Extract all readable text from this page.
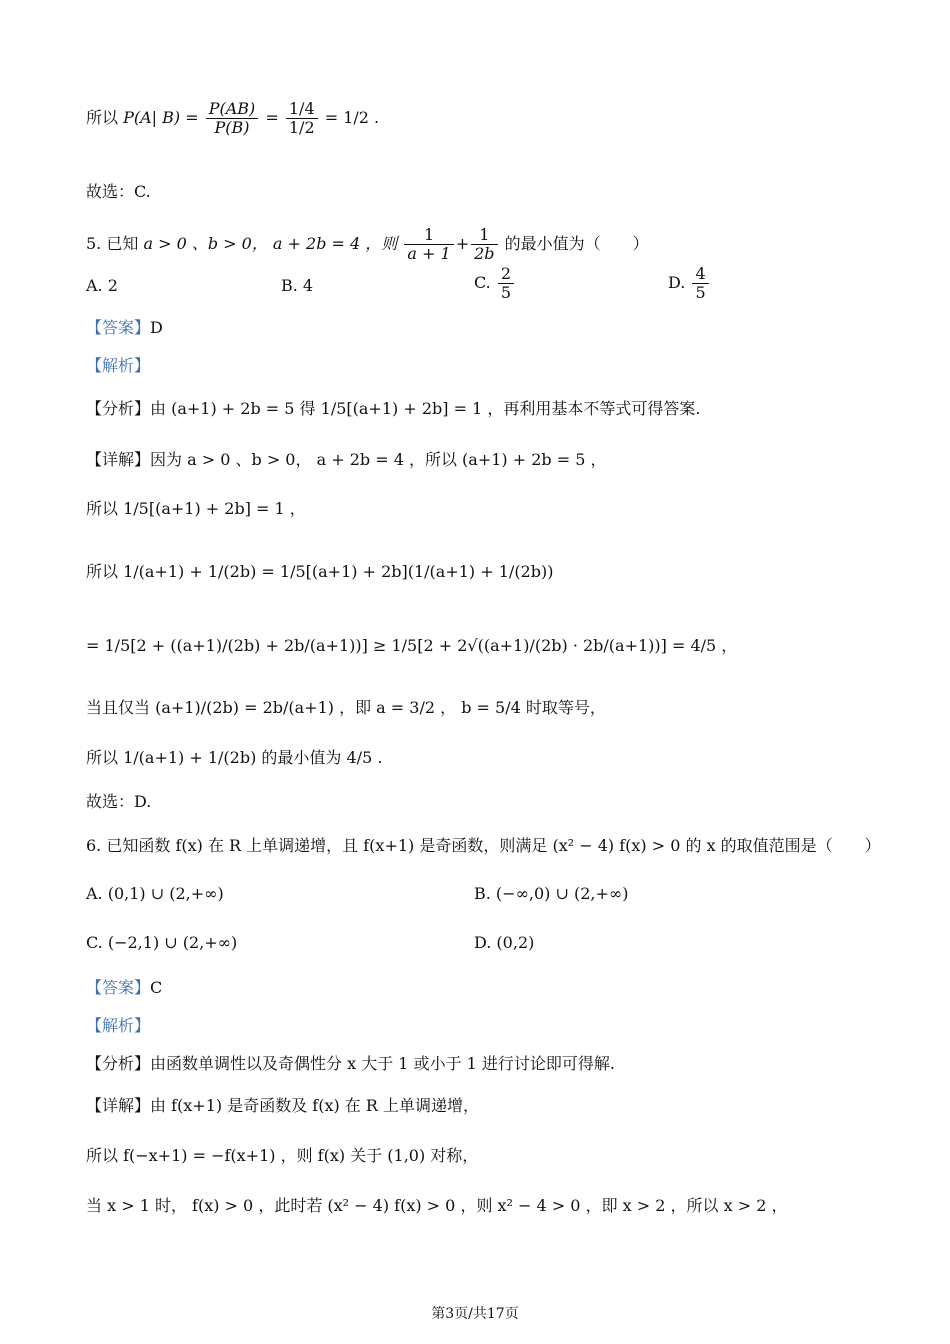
所以 P(A| $B) = \frac{P(AB)}{P(B)} = \frac{1/4}{1/2} = 1/2$ .
故选：C.
5. 已知 a > 0 、b > 0， a + 2b = 4 ，则 $\frac{1}{a + 1} + \frac{1}{2b}$ 的最小值为（　　）
A. 2	B. 4	C. $\frac{2}{5}$	D. $\frac{4}{5}$
【答案】D
【解析】
【分析】由 (a+1) + 2b = 5 得 1/5[(a+1) + 2b] = 1 ，再利用基本不等式可得答案.
【详解】因为 a > 0 、b > 0， a + 2b = 4 ，所以 (a+1) + 2b = 5 ，
所以 1/5[(a+1) + 2b] = 1 ，
所以 1/(a+1) + 1/(2b) = 1/5[(a+1) + 2b](1/(a+1) + 1/(2b))
= 1/5[2 + ((a+1)/(2b) + 2b/(a+1))] ≥ 1/5[2 + 2√((a+1)/(2b) · 2b/(a+1))] = 4/5 ，
当且仅当 (a+1)/(2b) = 2b/(a+1) ，即 a = 3/2 ， b = 5/4 时取等号，
所以 1/(a+1) + 1/(2b) 的最小值为 4/5 .
故选：D.
6. 已知函数 f(x) 在 R 上单调递增，且 f(x+1) 是奇函数，则满足 (x² − 4) f(x) > 0 的 x 的取值范围是（　　）
A. (0,1) ∪ (2,+∞)	B. (−∞,0) ∪ (2,+∞)
C. (−2,1) ∪ (2,+∞)	D. (0,2)
【答案】C
【解析】
【分析】由函数单调性以及奇偶性分 x 大于 1 或小于 1 进行讨论即可得解.
【详解】由 f(x+1) 是奇函数及 f(x) 在 R 上单调递增，
所以 f(−x+1) = −f(x+1) ，则 f(x) 关于 (1,0) 对称，
当 x > 1 时， f(x) > 0 ，此时若 (x² − 4) f(x) > 0 ，则 x² − 4 > 0 ，即 x > 2 ，所以 x > 2 ，
第3页/共17页
